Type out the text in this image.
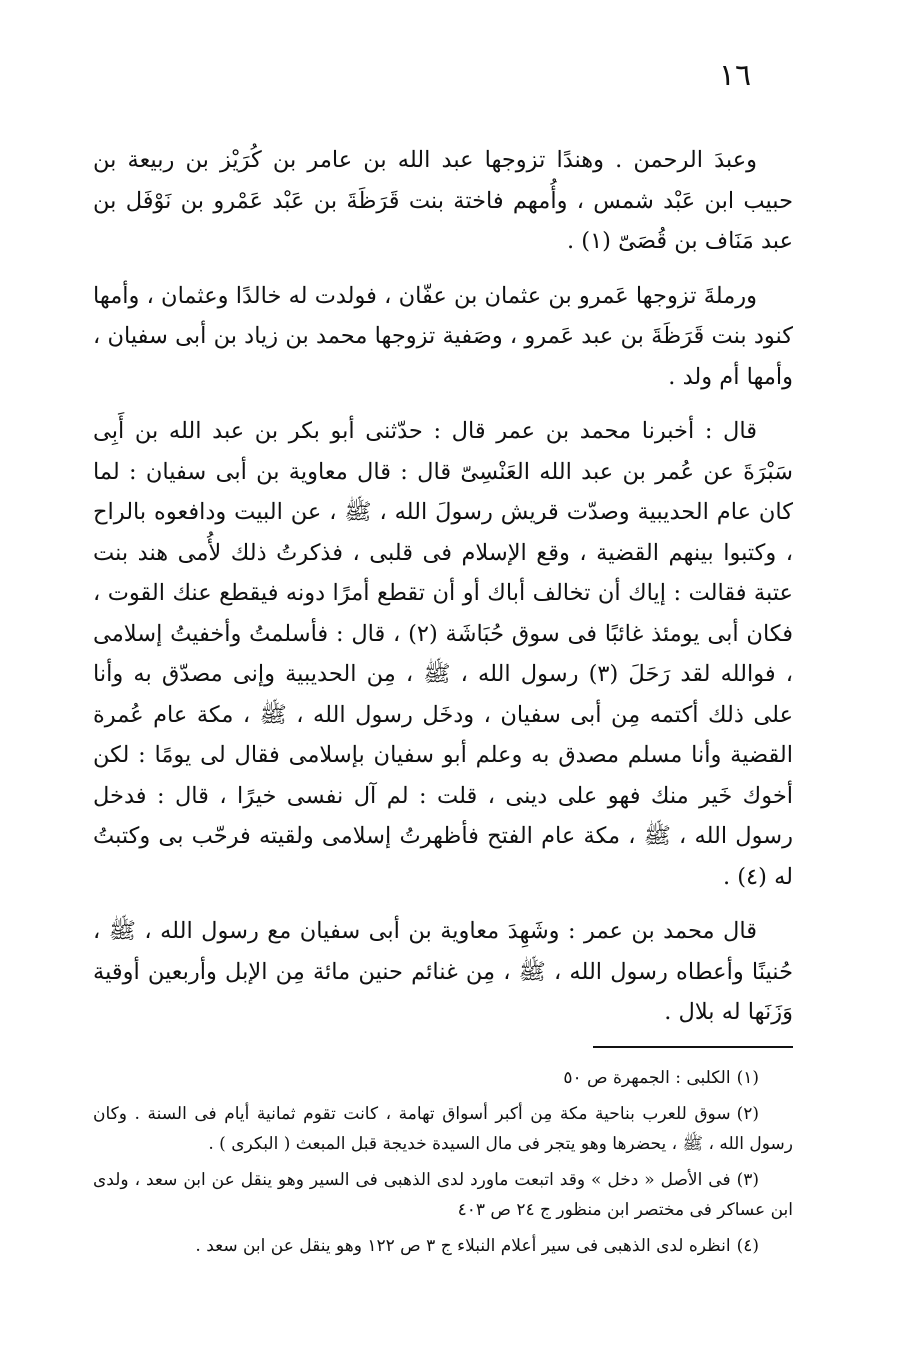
١٦

وعبدَ الرحمن . وهندًا تزوجها عبد الله بن عامر بن كُرَيْز بن ربيعة بن حبيب ابن عَبْد شمس ، وأُمهم فاختة بنت قَرَظَةَ بن عَبْد عَمْرو بن نَوْفَل بن عبد مَنَاف بن قُصَىّ (١) .

ورملةَ تزوجها عَمرو بن عثمان بن عفّان ، فولدت له خالدًا وعثمان ، وأمها كنود بنت قَرَظَةَ بن عبد عَمرو ، وصَفية تزوجها محمد بن زياد بن أبى سفيان ، وأمها أم ولد .

قال : أخبرنا محمد بن عمر قال : حدّثنى أبو بكر بن عبد الله بن أَبِى سَبْرَةَ عن عُمر بن عبد الله العَنْسِىّ قال : قال معاوية بن أبى سفيان : لما كان عام الحديبية وصدّت قريش رسولَ الله ، ﷺ ، عن البيت ودافعوه بالراح ، وكتبوا بينهم القضية ، وقع الإسلام فى قلبى ، فذكرتُ ذلك لأُمى هند بنت عتبة فقالت : إياك أن تخالف أباك أو أن تقطع أمرًا دونه فيقطع عنك القوت ، فكان أبى يومئذ غائبًا فى سوق حُبَاشَة (٢) ، قال : فأسلمتُ وأخفيتُ إسلامى ، فوالله لقد رَحَلَ (٣) رسول الله ، ﷺ ، مِن الحديبية وإنى مصدّق به وأنا على ذلك أكتمه مِن أبى سفيان ، ودخَل رسول الله ، ﷺ ، مكة عام عُمرة القضية وأنا مسلم مصدق به وعلم أبو سفيان بإسلامى فقال لى يومًا : لكن أخوك خَير منك فهو على دينى ، قلت : لم آل نفسى خيرًا ، قال : فدخل رسول الله ، ﷺ ، مكة عام الفتح فأظهرتُ إسلامى ولقيته فرحّب بى وكتبتُ له (٤) .

قال محمد بن عمر : وشَهِدَ معاوية بن أبى سفيان مع رسول الله ، ﷺ ، حُنينًا وأعطاه رسول الله ، ﷺ ، مِن غنائم حنين مائة مِن الإبل وأربعين أوقية وَزَنَها له بلال .

(١)الكلبى : الجمهرة ص ٥٠

(٢)سوق للعرب بناحية مكة مِن أكبر أسواق تهامة ، كانت تقوم ثمانية أيام فى السنة . وكان رسول الله ، ﷺ ، يحضرها وهو يتجر فى مال السيدة خديجة قبل المبعث ( البكرى ) .

(٣)فى الأصل « دخل » وقد اتبعت ماورد لدى الذهبى فى السير وهو ينقل عن ابن سعد ، ولدى ابن عساكر فى مختصر ابن منظور ج ٢٤ ص ٤٠٣

(٤)انظره لدى الذهبى فى سير أعلام النبلاء ج ٣ ص ١٢٢ وهو ينقل عن ابن سعد .
